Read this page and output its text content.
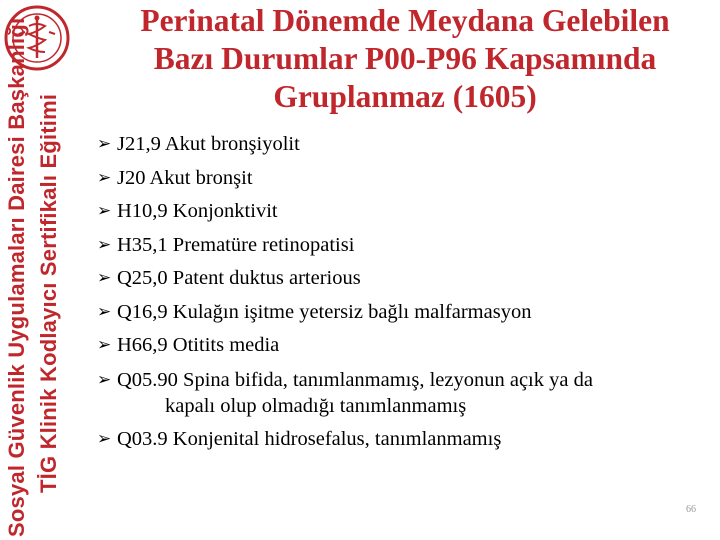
Sosyal Güvenlik Uygulamaları Dairesi Başkanlığı TİG Klinik Kodlayıcı Sertifikalı Eğitimi
Perinatal Dönemde Meydana Gelebilen
Bazı Durumlar P00-P96 Kapsamında
Gruplanmaz (1605)
➢ J21,9 Akut bronşiyolit
➢ J20 Akut bronşit
➢ H10,9 Konjonktivit
➢ H35,1 Prematüre retinopatisi
➢ Q25,0 Patent duktus arterious
➢ Q16,9 Kulağın işitme yetersiz bağlı malfarmasyon
➢ H66,9 Otitits media
➢ Q05.90 Spina bifida, tanımlanmamış, lezyonun açık ya da
kapalı olup olmadığı tanımlanmamış
➢ Q03.9 Konjenital hidrosefalus, tanımlanmamış
66
